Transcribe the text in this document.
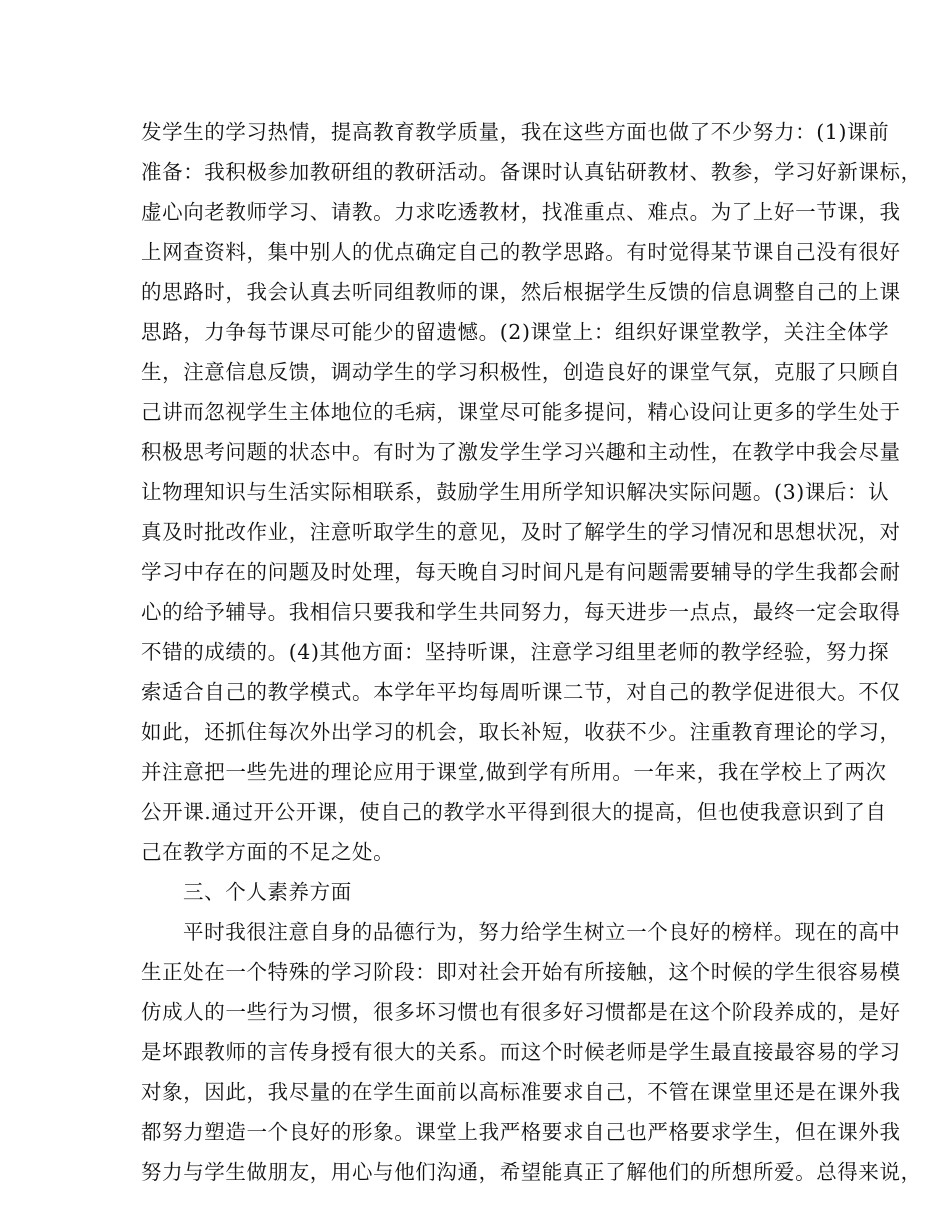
发学生的学习热情，提高教育教学质量，我在这些方面也做了不少努力：(1)课前
准备：我积极参加教研组的教研活动。备课时认真钻研教材、教参，学习好新课标，
虚心向老教师学习、请教。力求吃透教材，找准重点、难点。为了上好一节课，我
上网查资料，集中别人的优点确定自己的教学思路。有时觉得某节课自己没有很好
的思路时，我会认真去听同组教师的课，然后根据学生反馈的信息调整自己的上课
思路，力争每节课尽可能少的留遗憾。(2)课堂上：组织好课堂教学，关注全体学
生，注意信息反馈，调动学生的学习积极性，创造良好的课堂气氛，克服了只顾自
己讲而忽视学生主体地位的毛病，课堂尽可能多提问，精心设问让更多的学生处于
积极思考问题的状态中。有时为了激发学生学习兴趣和主动性，在教学中我会尽量
让物理知识与生活实际相联系，鼓励学生用所学知识解决实际问题。(3)课后：认
真及时批改作业，注意听取学生的意见，及时了解学生的学习情况和思想状况，对
学习中存在的问题及时处理，每天晚自习时间凡是有问题需要辅导的学生我都会耐
心的给予辅导。我相信只要我和学生共同努力，每天进步一点点，最终一定会取得
不错的成绩的。(4)其他方面：坚持听课，注意学习组里老师的教学经验，努力探
索适合自己的教学模式。本学年平均每周听课二节，对自己的教学促进很大。不仅
如此，还抓住每次外出学习的机会，取长补短，收获不少。注重教育理论的学习，
并注意把一些先进的理论应用于课堂,做到学有所用。一年来，我在学校上了两次
公开课.通过开公开课，使自己的教学水平得到很大的提高，但也使我意识到了自
己在教学方面的不足之处。
三、个人素养方面
平时我很注意自身的品德行为，努力给学生树立一个良好的榜样。现在的高中
生正处在一个特殊的学习阶段：即对社会开始有所接触，这个时候的学生很容易模
仿成人的一些行为习惯，很多坏习惯也有很多好习惯都是在这个阶段养成的，是好
是坏跟教师的言传身授有很大的关系。而这个时候老师是学生最直接最容易的学习
对象，因此，我尽量的在学生面前以高标准要求自己，不管在课堂里还是在课外我
都努力塑造一个良好的形象。课堂上我严格要求自己也严格要求学生，但在课外我
努力与学生做朋友，用心与他们沟通，希望能真正了解他们的所想所爱。总得来说，
